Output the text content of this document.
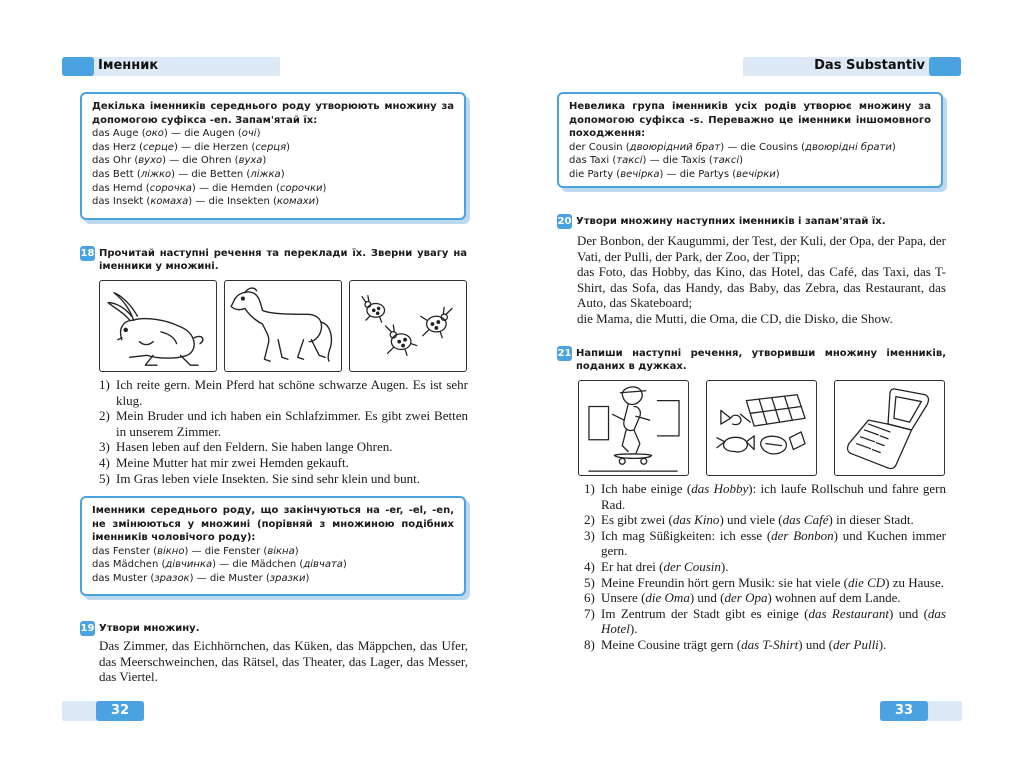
Іменник
Декілька іменників середнього роду утворюють множину за допомогою суфікса -en. Запам'ятай їх:
das Auge (око) — die Augen (очі)
das Herz (серце) — die Herzen (серця)
das Ohr (вухо) — die Ohren (вуха)
das Bett (ліжко) — die Betten (ліжка)
das Hemd (сорочка) — die Hemden (сорочки)
das Insekt (комаха) — die Insekten (комахи)
18 Прочитай наступні речення та переклади їх. Зверни увагу на іменники у множині.
1) Ich reite gern. Mein Pferd hat schöne schwarze Augen. Es ist sehr klug.
2) Mein Bruder und ich haben ein Schlafzimmer. Es gibt zwei Betten in unserem Zimmer.
3) Hasen leben auf den Feldern. Sie haben lange Ohren.
4) Meine Mutter hat mir zwei Hemden gekauft.
5) Im Gras leben viele Insekten. Sie sind sehr klein und bunt.
Іменники середнього роду, що закінчуються на -er, -el, -en, не змінюються у множині (порівняй з множиною подібних іменників чоловічого роду):
das Fenster (вікно) — die Fenster (вікна)
das Mädchen (дівчинка) — die Mädchen (дівчата)
das Muster (зразок) — die Muster (зразки)
19 Утвори множину.

Das Zimmer, das Eichhörnchen, das Küken, das Mäppchen, das Ufer, das Meerschweinchen, das Rätsel, das Theater, das Lager, das Messer, das Viertel.

32
Das Substantiv
Невелика група іменників усіх родів утворює множину за допомогою суфікса -s. Переважно це іменники іншомовного походження:
der Cousin (двоюрідний брат) — die Cousins (двоюрідні брати)
das Taxi (таксі) — die Taxis (таксі)
die Party (вечірка) — die Partys (вечірки)
20 Утвори множину наступних іменників і запам'ятай їх.

Der Bonbon, der Kaugummi, der Test, der Kuli, der Opa, der Papa, der Vati, der Pulli, der Park, der Zoo, der Tipp;

das Foto, das Hobby, das Kino, das Hotel, das Café, das Taxi, das T-Shirt, das Sofa, das Handy, das Baby, das Zebra, das Restaurant, das Auto, das Skateboard;

die Mama, die Mutti, die Oma, die CD, die Disko, die Show.

21 Напиши наступні речення, утворивши множину іменників, поданих в дужках.
1) Ich habe einige (das Hobby): ich laufe Rollschuh und fahre gern Rad.
2) Es gibt zwei (das Kino) und viele (das Café) in dieser Stadt.
3) Ich mag Süßigkeiten: ich esse (der Bonbon) und Kuchen immer gern.
4) Er hat drei (der Cousin).
5) Meine Freundin hört gern Musik: sie hat viele (die CD) zu Hause.
6) Unsere (die Oma) und (der Opa) wohnen auf dem Lande.
7) Im Zentrum der Stadt gibt es einige (das Restaurant) und (das Hotel).
8) Meine Cousine trägt gern (das T-Shirt) und (der Pulli).
33
